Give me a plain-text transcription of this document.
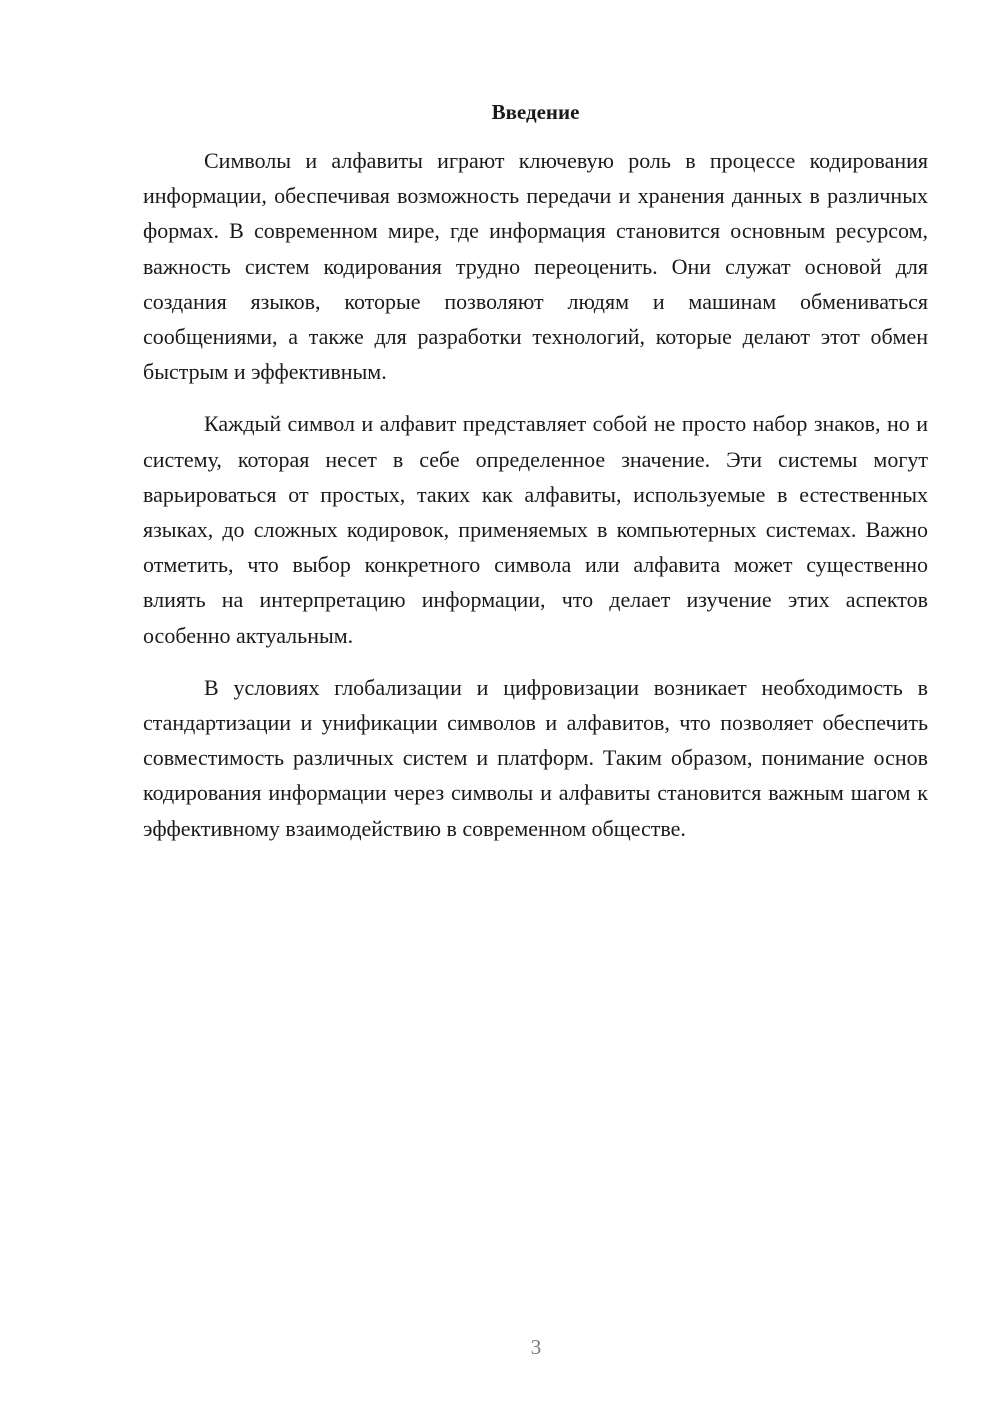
Введение

Символы и алфавиты играют ключевую роль в процессе кодирования информации, обеспечивая возможность передачи и хранения данных в различных формах. В современном мире, где информация становится основным ресурсом, важность систем кодирования трудно переоценить. Они служат основой для создания языков, которые позволяют людям и машинам обмениваться сообщениями, а также для разработки технологий, которые делают этот обмен быстрым и эффективным.

Каждый символ и алфавит представляет собой не просто набор знаков, но и систему, которая несет в себе определенное значение. Эти системы могут варьироваться от простых, таких как алфавиты, используемые в естественных языках, до сложных кодировок, применяемых в компьютерных системах. Важно отметить, что выбор конкретного символа или алфавита может существенно влиять на интерпретацию информации, что делает изучение этих аспектов особенно актуальным.

В условиях глобализации и цифровизации возникает необходимость в стандартизации и унификации символов и алфавитов, что позволяет обеспечить совместимость различных систем и платформ. Таким образом, понимание основ кодирования информации через символы и алфавиты становится важным шагом к эффективному взаимодействию в современном обществе.

3
